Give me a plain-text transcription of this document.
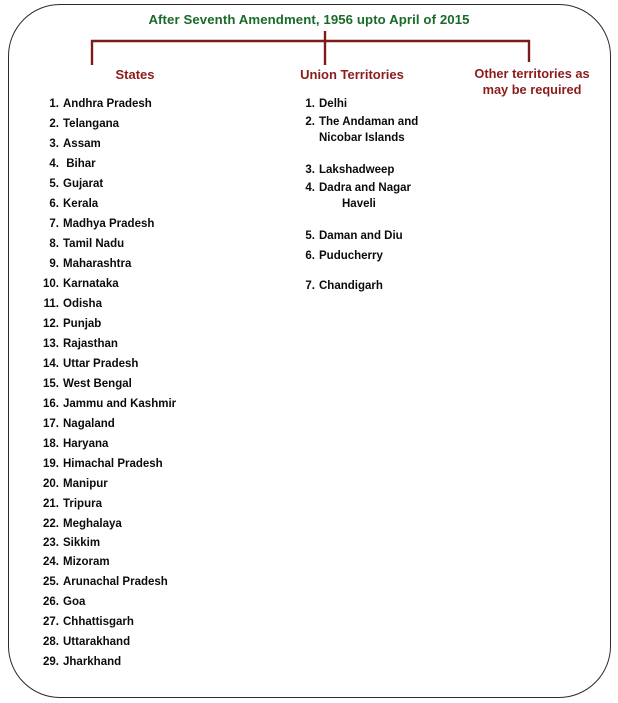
After Seventh Amendment, 1956 upto April of 2015
States
1. Andhra Pradesh
2. Telangana
3. Assam
4. Bihar
5. Gujarat
6. Kerala
7. Madhya Pradesh
8. Tamil Nadu
9. Maharashtra
10. Karnataka
11. Odisha
12. Punjab
13. Rajasthan
14. Uttar Pradesh
15. West Bengal
16. Jammu and Kashmir
17. Nagaland
18. Haryana
19. Himachal Pradesh
20. Manipur
21. Tripura
22. Meghalaya
23. Sikkim
24. Mizoram
25. Arunachal Pradesh
26. Goa
27. Chhattisgarh
28. Uttarakhand
29. Jharkhand
Union Territories
1. Delhi
2. The Andaman and
Nicobar Islands
3. Lakshadweep
4. Dadra and Nagar
Haveli
5. Daman and Diu
6. Puducherry
7. Chandigarh
Other territories as
may be required
